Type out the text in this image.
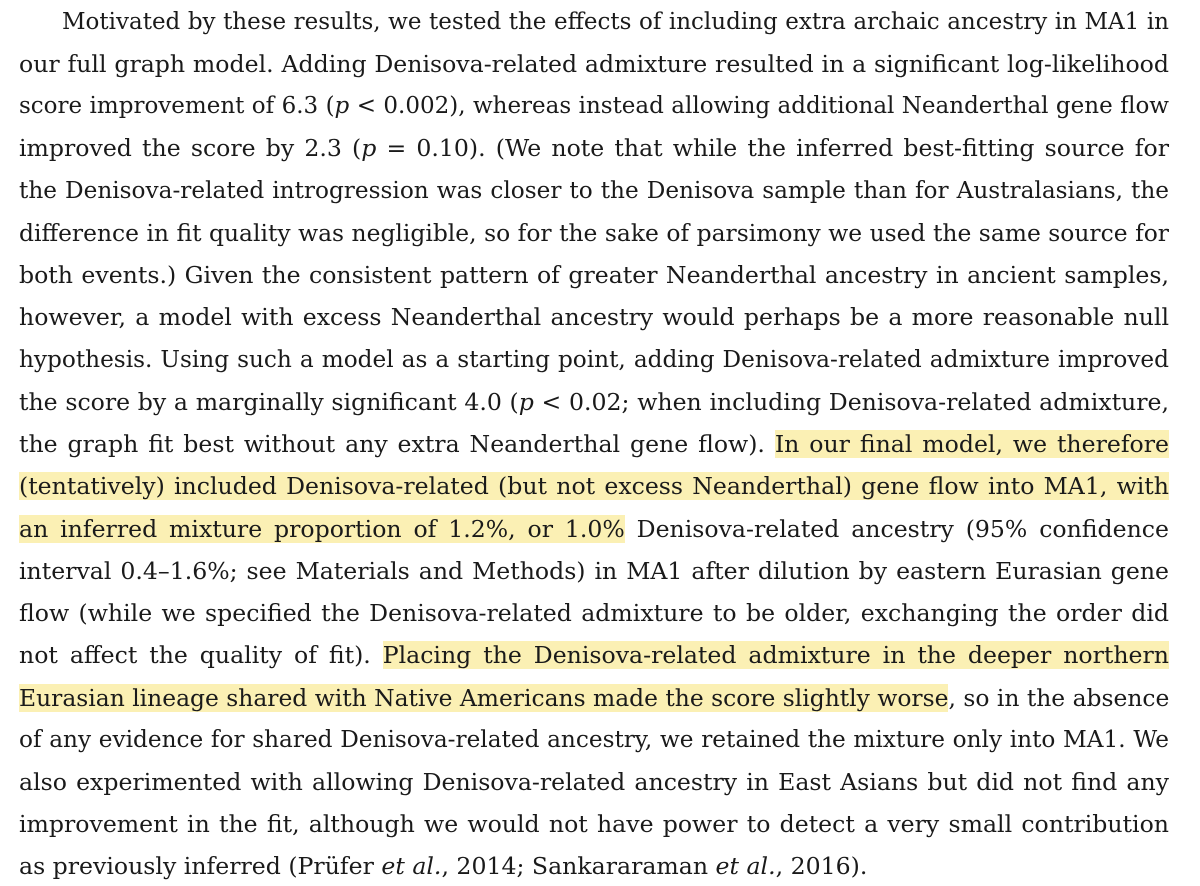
Motivated by these results, we tested the effects of including extra archaic ancestry in MA1 in
our full graph model. Adding Denisova-related admixture resulted in a significant log-likelihood
score improvement of 6.3 (p < 0.002), whereas instead allowing additional Neanderthal gene flow
improved the score by 2.3 (p = 0.10). (We note that while the inferred best-fitting source for
the Denisova-related introgression was closer to the Denisova sample than for Australasians, the
difference in fit quality was negligible, so for the sake of parsimony we used the same source for
both events.) Given the consistent pattern of greater Neanderthal ancestry in ancient samples,
however, a model with excess Neanderthal ancestry would perhaps be a more reasonable null
hypothesis. Using such a model as a starting point, adding Denisova-related admixture improved
the score by a marginally significant 4.0 (p < 0.02; when including Denisova-related admixture,
the graph fit best without any extra Neanderthal gene flow). In our final model, we therefore
(tentatively) included Denisova-related (but not excess Neanderthal) gene flow into MA1, with
an inferred mixture proportion of 1.2%, or 1.0% Denisova-related ancestry (95% confidence
interval 0.4–1.6%; see Materials and Methods) in MA1 after dilution by eastern Eurasian gene
flow (while we specified the Denisova-related admixture to be older, exchanging the order did
not affect the quality of fit). Placing the Denisova-related admixture in the deeper northern
Eurasian lineage shared with Native Americans made the score slightly worse, so in the absence
of any evidence for shared Denisova-related ancestry, we retained the mixture only into MA1. We
also experimented with allowing Denisova-related ancestry in East Asians but did not find any
improvement in the fit, although we would not have power to detect a very small contribution
as previously inferred (Prüfer et al., 2014; Sankararaman et al., 2016).
